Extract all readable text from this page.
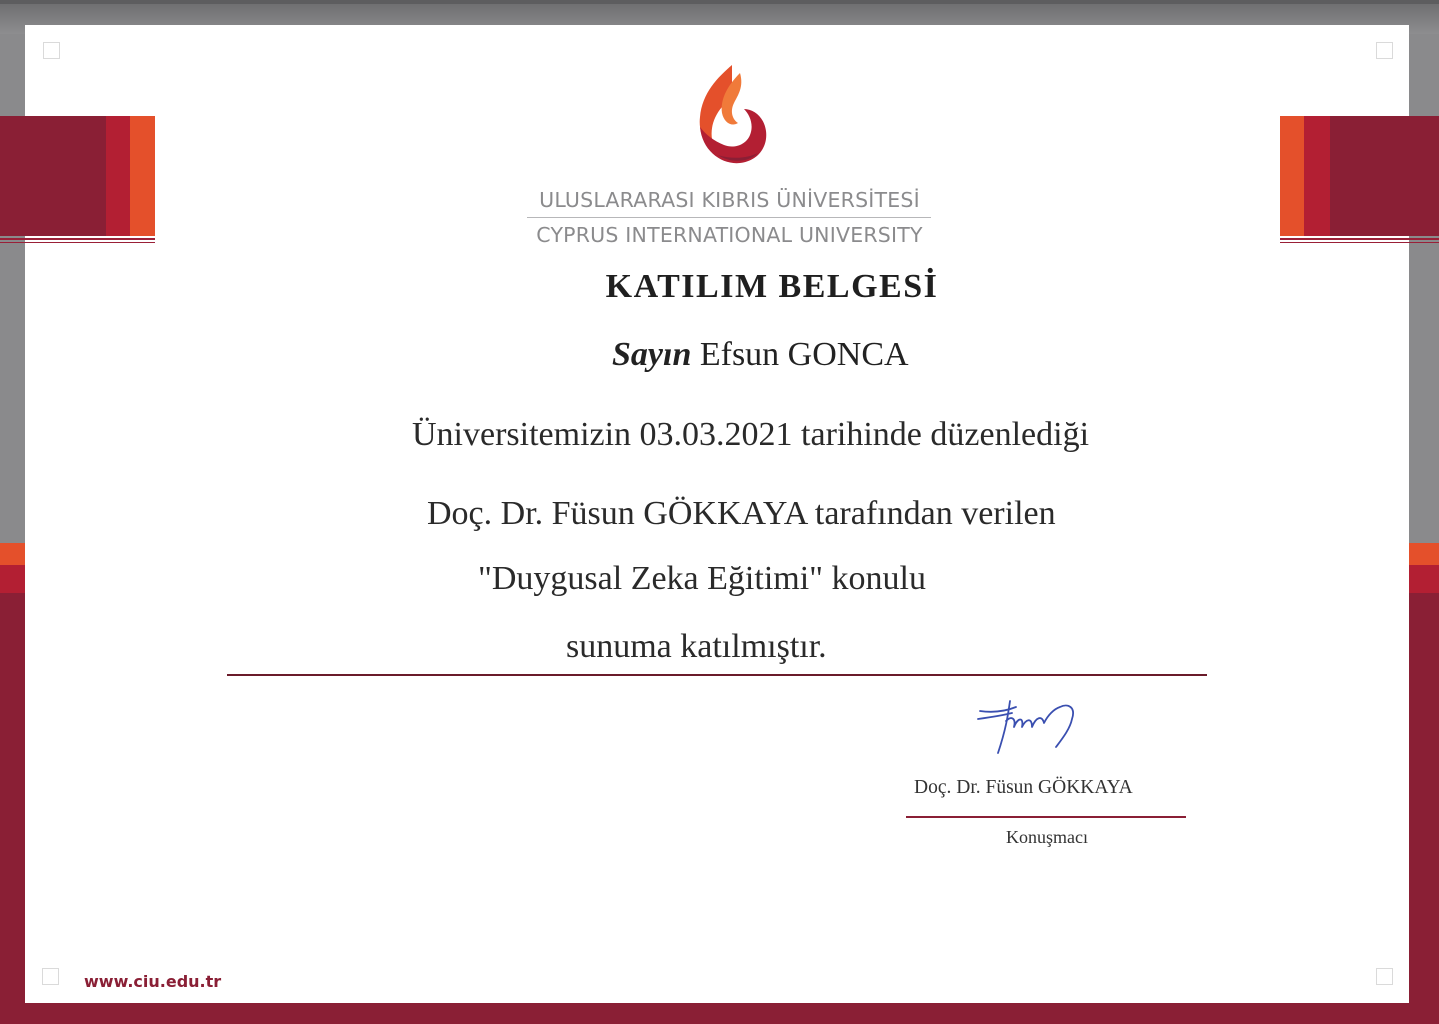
ULUSLARARASI KIBRIS ÜNİVERSİTESİ
CYPRUS INTERNATIONAL UNIVERSITY
KATILIM BELGESİ
Sayın Efsun GONCA
Üniversitemizin 03.03.2021 tarihinde düzenlediği
Doç. Dr. Füsun GÖKKAYA tarafından verilen
"Duygusal Zeka Eğitimi" konulu
sunuma katılmıştır.
Doç. Dr. Füsun GÖKKAYA
Konuşmacı
www.ciu.edu.tr
